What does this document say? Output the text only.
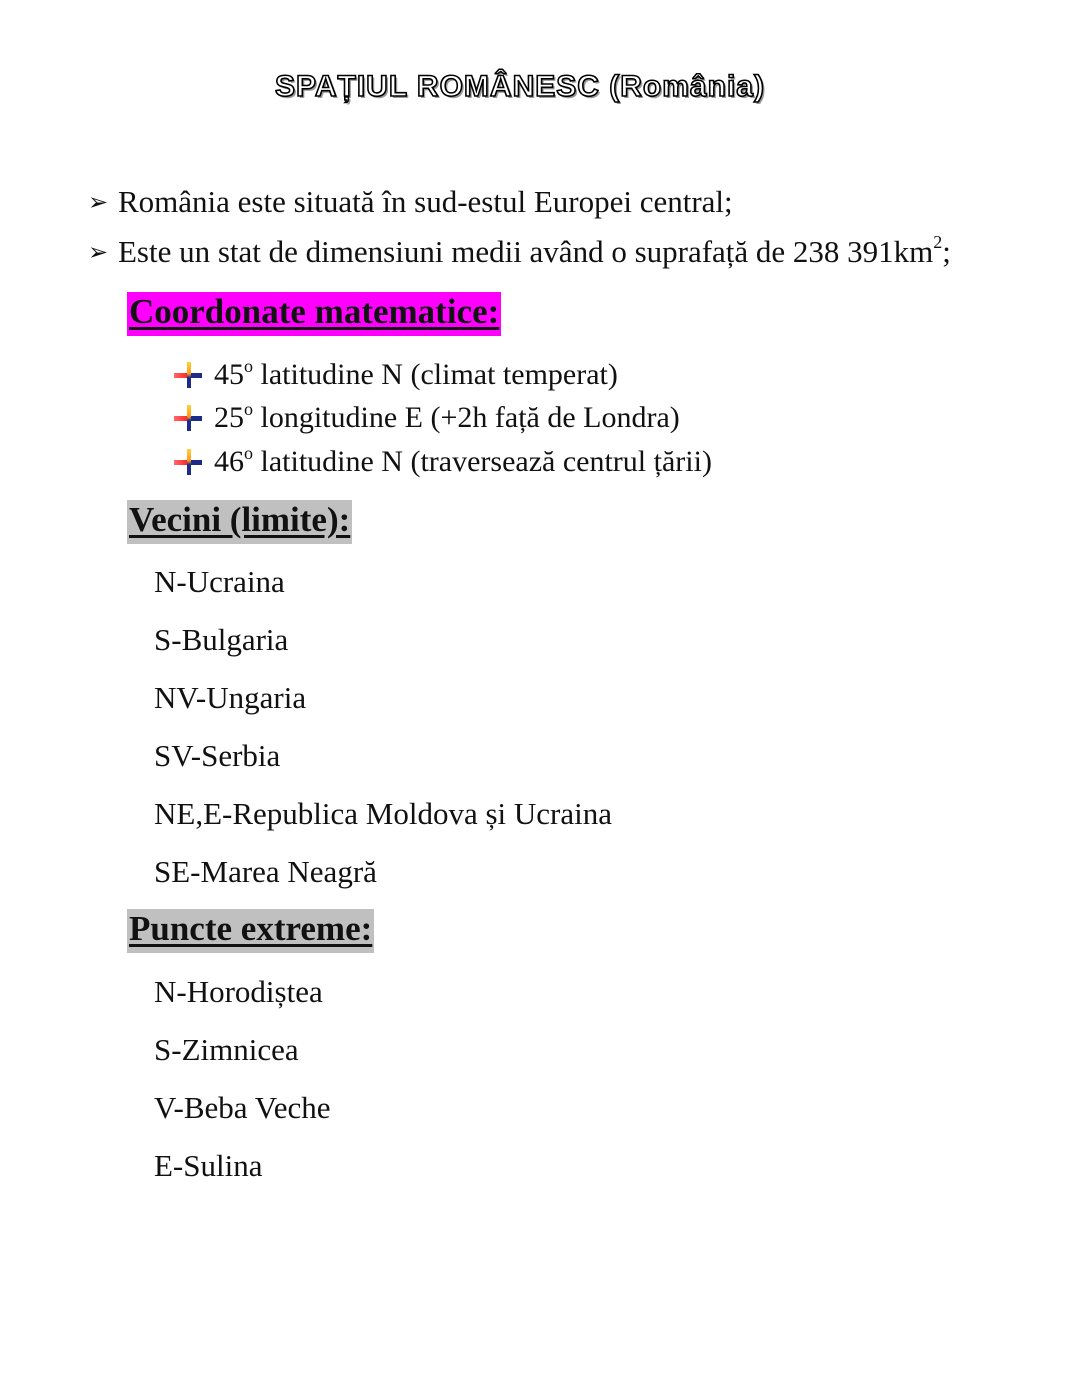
SPAȚIUL ROMÂNESC (România)
➢ România este situată în sud-estul Europei central;
➢ Este un stat de dimensiuni medii având o suprafață de 238 $391km^2$;
Coordonate matematice:
45$^o$ latitudine N (climat temperat)
25$^o$ longitudine E (+2h față de Londra)
46$^o$ latitudine N (traversează centrul țării)
Vecini (limite):
N-Ucraina
S-Bulgaria
NV-Ungaria
SV-Serbia
NE,E-Republica Moldova și Ucraina
SE-Marea Neagră
Puncte extreme:
N-Horodiștea
S-Zimnicea
V-Beba Veche
E-Sulina
